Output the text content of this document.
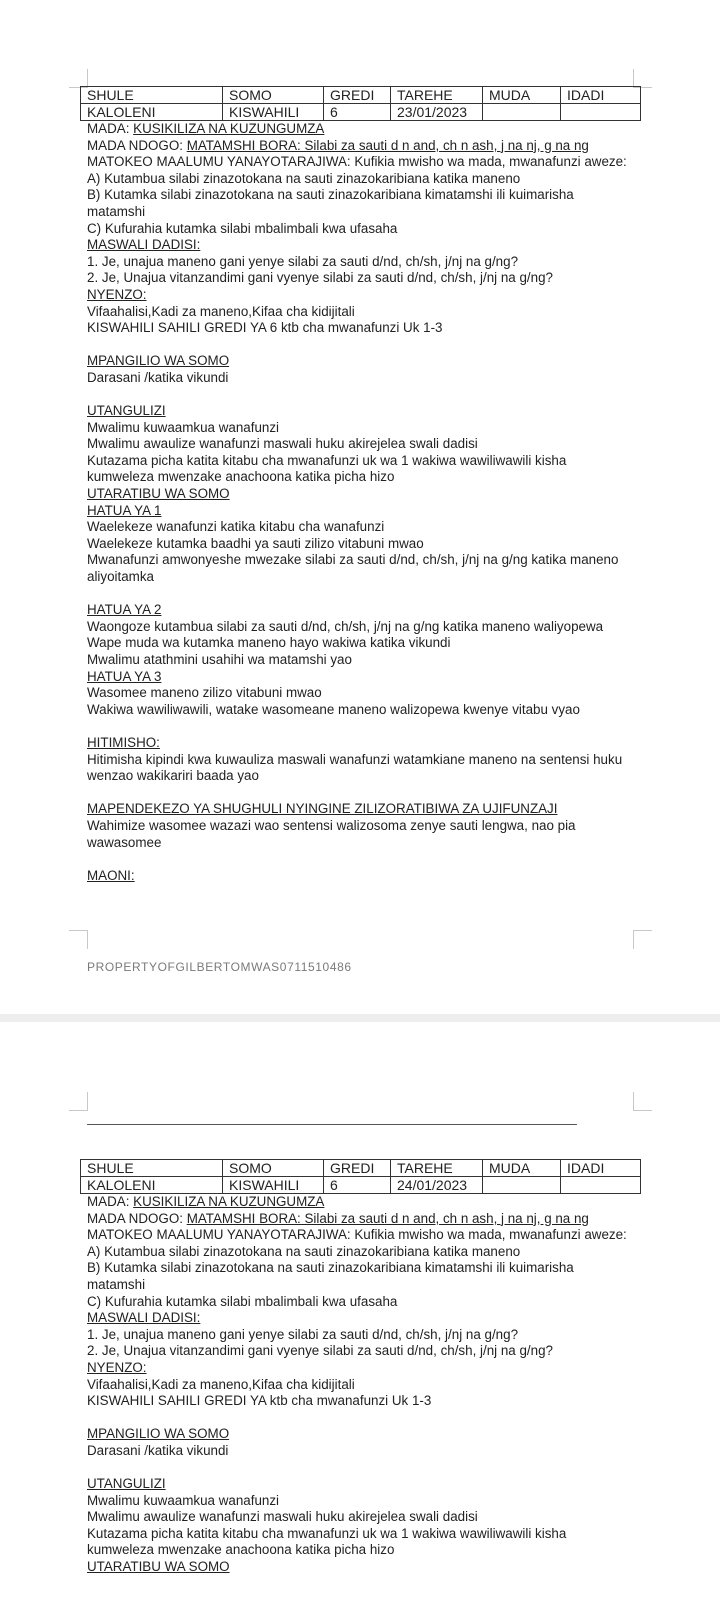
SHULE	SOMO	GREDI	TAREHE	MUDA	IDADI
KALOLENI	KISWAHILI	6	23/01/2023		

MADA: KUSIKILIZA NA KUZUNGUMZA

MADA NDOGO: MATAMSHI BORA: Silabi za sauti d n and, ch n ash, j na nj, g na ng

MATOKEO MAALUMU YANAYOTARAJIWA: Kufikia mwisho wa mada, mwanafunzi aweze:

A) Kutambua silabi zinazotokana na sauti zinazokaribiana katika maneno

B) Kutamka silabi zinazotokana na sauti zinazokaribiana kimatamshi ili kuimarisha matamshi

C) Kufurahia kutamka silabi mbalimbali kwa ufasaha

MASWALI DADISI:

1. Je, unajua maneno gani yenye silabi za sauti d/nd, ch/sh, j/nj na g/ng?

2. Je, Unajua vitanzandimi gani vyenye silabi za sauti d/nd, ch/sh, j/nj na g/ng?

NYENZO:

Vifaahalisi,Kadi za maneno,Kifaa cha kidijitali

KISWAHILI SAHILI GREDI YA 6 ktb cha mwanafunzi Uk 1-3

MPANGILIO WA SOMO

Darasani /katika vikundi

UTANGULIZI

Mwalimu kuwaamkua wanafunzi

Mwalimu awaulize wanafunzi maswali huku akirejelea swali dadisi

Kutazama picha katita kitabu cha mwanafunzi uk wa 1 wakiwa wawiliwawili kisha kumweleza mwenzake anachoona katika picha hizo

UTARATIBU WA SOMO

HATUA YA 1

Waelekeze wanafunzi katika kitabu cha wanafunzi

Waelekeze kutamka baadhi ya sauti zilizo vitabuni mwao

Mwanafunzi amwonyeshe mwezake silabi za sauti d/nd, ch/sh, j/nj na g/ng katika maneno aliyoitamka

HATUA YA 2

Waongoze kutambua silabi za sauti d/nd, ch/sh, j/nj na g/ng katika maneno waliyopewa

Wape muda wa kutamka maneno hayo wakiwa katika vikundi

Mwalimu atathmini usahihi wa matamshi yao

HATUA YA 3

Wasomee maneno zilizo vitabuni mwao

Wakiwa wawiliwawili, watake wasomeane maneno walizopewa kwenye vitabu vyao

HITIMISHO:

Hitimisha kipindi kwa kuwauliza maswali wanafunzi watamkiane maneno na sentensi huku wenzao wakikariri baada yao

MAPENDEKEZO YA SHUGHULI NYINGINE ZILIZORATIBIWA ZA UJIFUNZAJI

Wahimize wasomee wazazi wao sentensi walizosoma zenye sauti lengwa, nao pia wawasomee

MAONI:

PROPERTYOFGILBERTOMWAS0711510486
SHULE	SOMO	GREDI	TAREHE	MUDA	IDADI
KALOLENI	KISWAHILI	6	24/01/2023		

MADA: KUSIKILIZA NA KUZUNGUMZA

MADA NDOGO: MATAMSHI BORA: Silabi za sauti d n and, ch n ash, j na nj, g na ng

MATOKEO MAALUMU YANAYOTARAJIWA: Kufikia mwisho wa mada, mwanafunzi aweze:

A) Kutambua silabi zinazotokana na sauti zinazokaribiana katika maneno

B) Kutamka silabi zinazotokana na sauti zinazokaribiana kimatamshi ili kuimarisha matamshi

C) Kufurahia kutamka silabi mbalimbali kwa ufasaha

MASWALI DADISI:

1. Je, unajua maneno gani yenye silabi za sauti d/nd, ch/sh, j/nj na g/ng?

2. Je, Unajua vitanzandimi gani vyenye silabi za sauti d/nd, ch/sh, j/nj na g/ng?

NYENZO:

Vifaahalisi,Kadi za maneno,Kifaa cha kidijitali

KISWAHILI SAHILI GREDI YA ktb cha mwanafunzi Uk 1-3

MPANGILIO WA SOMO

Darasani /katika vikundi

UTANGULIZI

Mwalimu kuwaamkua wanafunzi

Mwalimu awaulize wanafunzi maswali huku akirejelea swali dadisi

Kutazama picha katita kitabu cha mwanafunzi uk wa 1 wakiwa wawiliwawili kisha kumweleza mwenzake anachoona katika picha hizo

UTARATIBU WA SOMO
